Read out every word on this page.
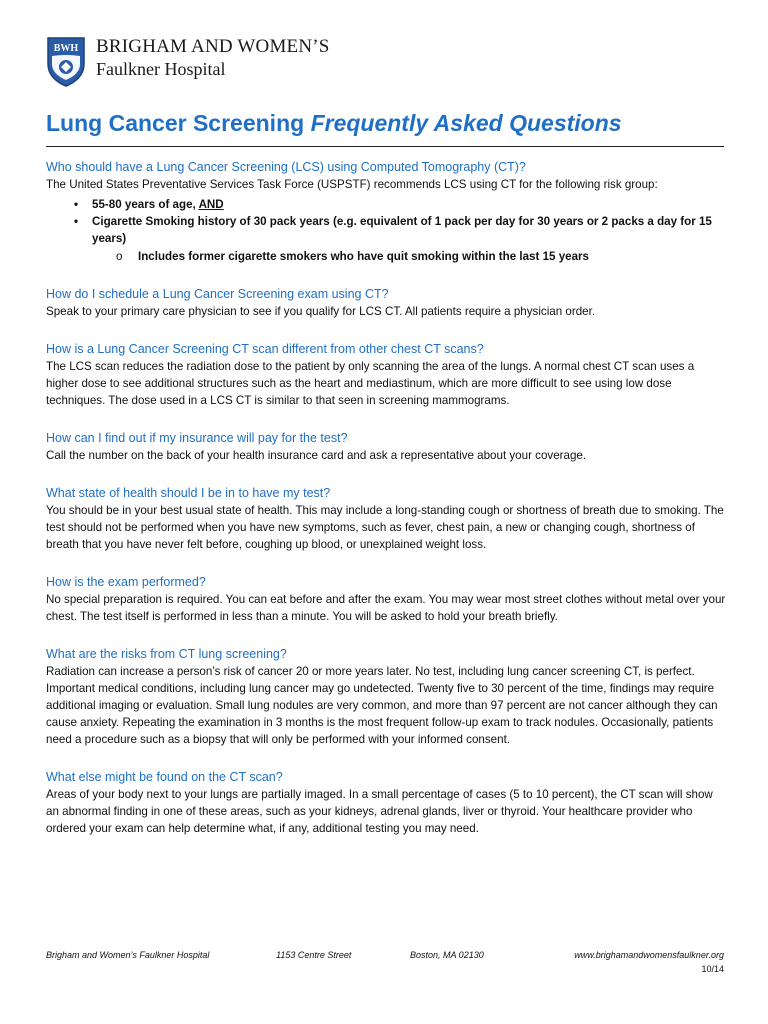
BWH BRIGHAM AND WOMEN’S
Faulkner Hospital
Lung Cancer Screening Frequently Asked Questions

Who should have a Lung Cancer Screening (LCS) using Computed Tomography (CT)?

The United States Preventative Services Task Force (USPSTF) recommends LCS using CT for the following risk group:

• 55-80 years of age, AND
• Cigarette Smoking history of 30 pack years (e.g. equivalent of 1 pack per day for 30 years or 2 packs a day for 15 years)
o Includes former cigarette smokers who have quit smoking within the last 15 years

How do I schedule a Lung Cancer Screening exam using CT?

Speak to your primary care physician to see if you qualify for LCS CT. All patients require a physician order.

How is a Lung Cancer Screening CT scan different from other chest CT scans?

The LCS scan reduces the radiation dose to the patient by only scanning the area of the lungs. A normal chest CT scan uses a higher dose to see additional structures such as the heart and mediastinum, which are more difficult to see using low dose techniques. The dose used in a LCS CT is similar to that seen in screening mammograms.

How can I find out if my insurance will pay for the test?

Call the number on the back of your health insurance card and ask a representative about your coverage.

What state of health should I be in to have my test?

You should be in your best usual state of health. This may include a long-standing cough or shortness of breath due to smoking. The test should not be performed when you have new symptoms, such as fever, chest pain, a new or changing cough, shortness of breath that you have never felt before, coughing up blood, or unexplained weight loss.

How is the exam performed?

No special preparation is required. You can eat before and after the exam. You may wear most street clothes without metal over your chest. The test itself is performed in less than a minute. You will be asked to hold your breath briefly.

What are the risks from CT lung screening?

Radiation can increase a person’s risk of cancer 20 or more years later. No test, including lung cancer screening CT, is perfect. Important medical conditions, including lung cancer may go undetected. Twenty five to 30 percent of the time, findings may require additional imaging or evaluation. Small lung nodules are very common, and more than 97 percent are not cancer although they can cause anxiety. Repeating the examination in 3 months is the most frequent follow-up exam to track nodules. Occasionally, patients need a procedure such as a biopsy that will only be performed with your informed consent.

What else might be found on the CT scan?

Areas of your body next to your lungs are partially imaged. In a small percentage of cases (5 to 10 percent), the CT scan will show an abnormal finding in one of these areas, such as your kidneys, adrenal glands, liver or thyroid. Your healthcare provider who ordered your exam can help determine what, if any, additional testing you may need.

Brigham and Women’s Faulkner Hospital	1153 Centre Street	Boston, MA 02130	www.brighamandwomensfaulkner.org
10/14
